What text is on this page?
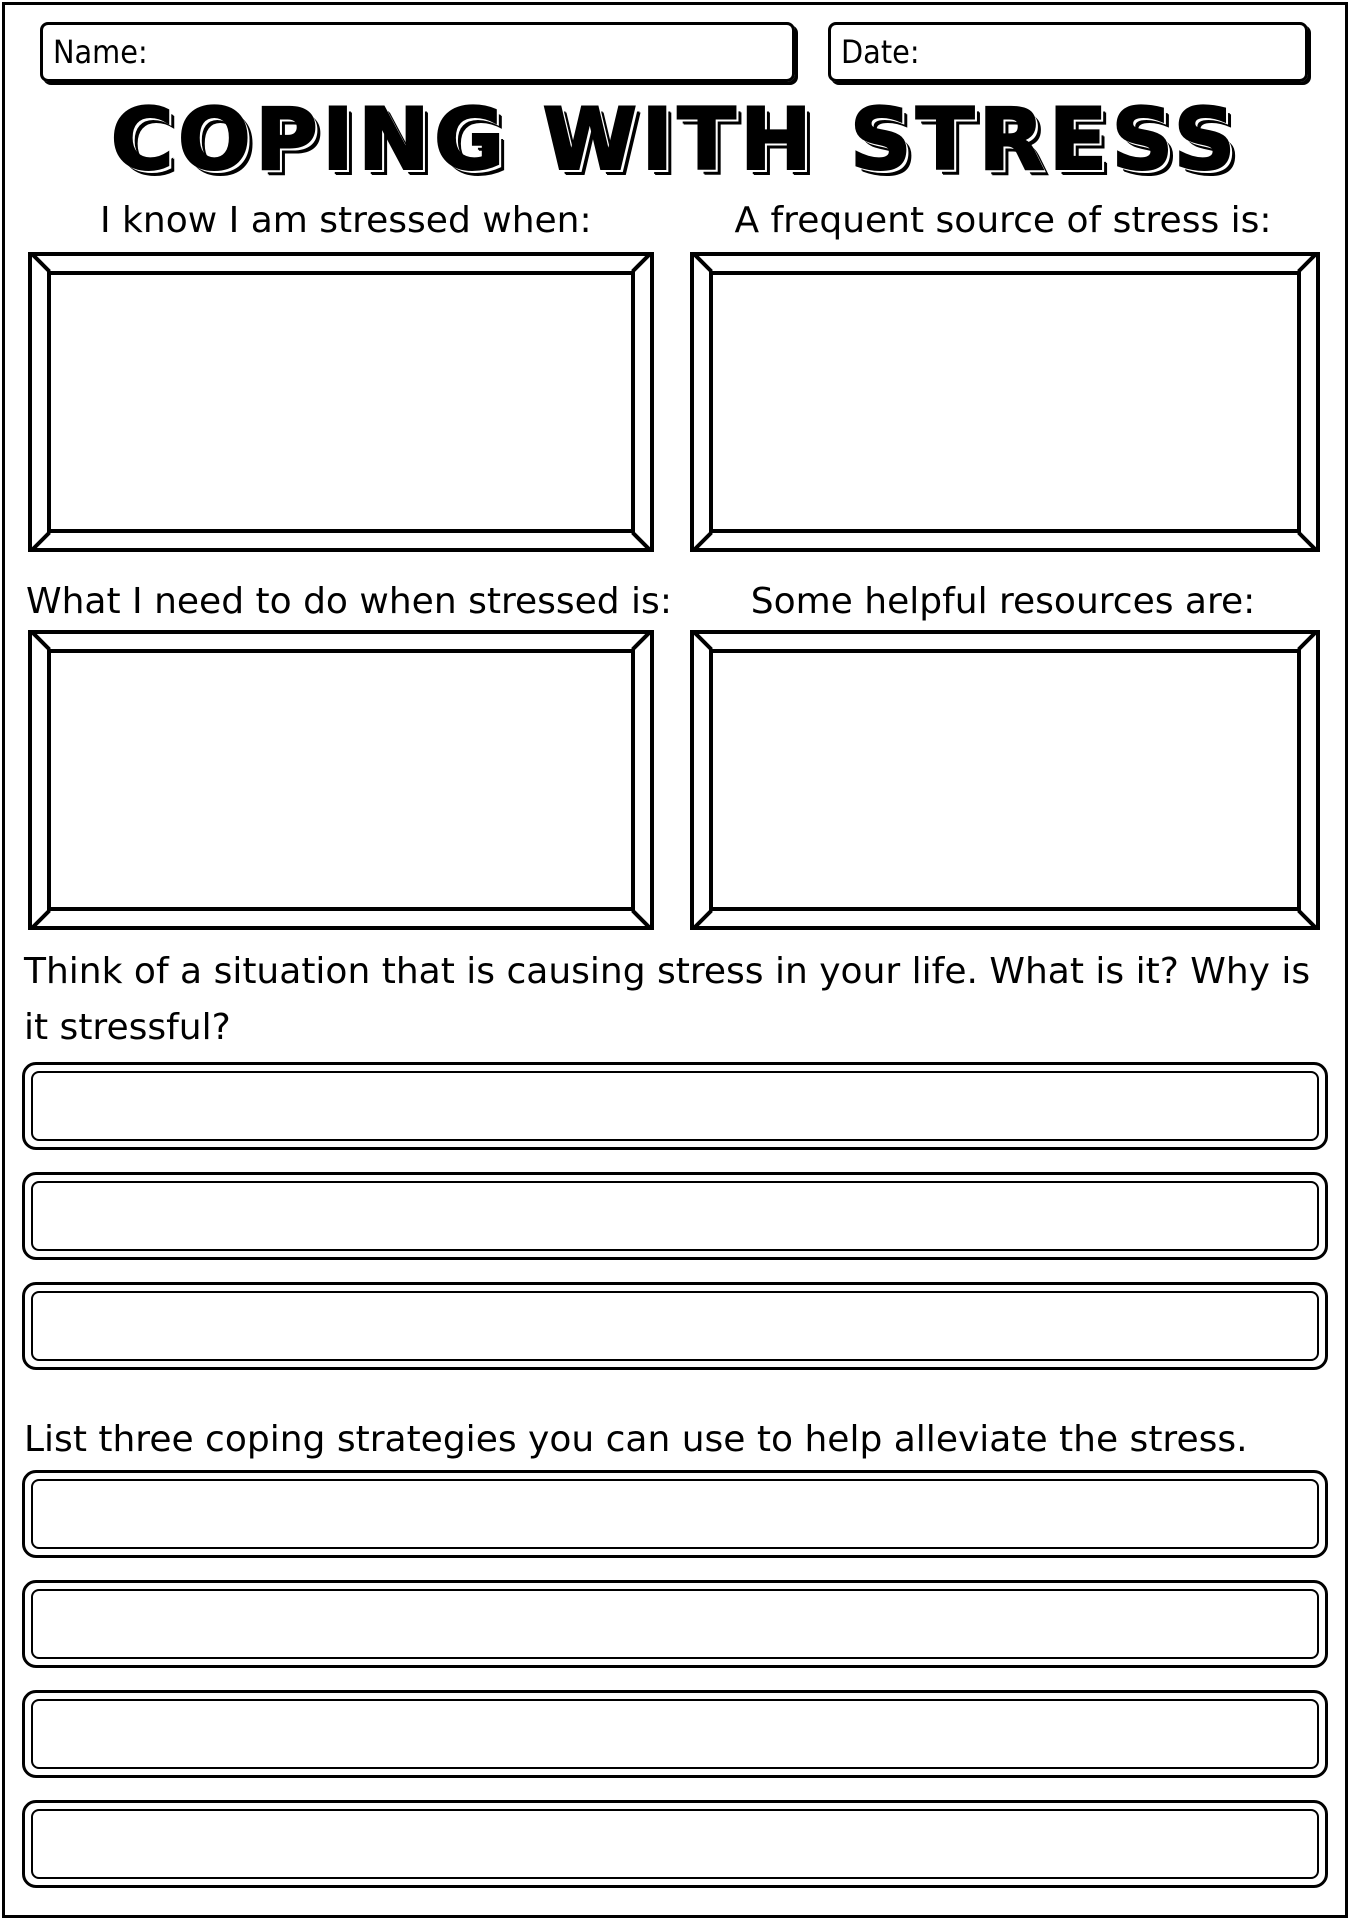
Name:	Date:
COPING WITH STRESS
I know I am stressed when:	A frequent source of stress is:
What I need to do when stressed is:	Some helpful resources are:
Think of a situation that is causing stress in your life. What is it? Why is it stressful?
List three coping strategies you can use to help alleviate the stress.
